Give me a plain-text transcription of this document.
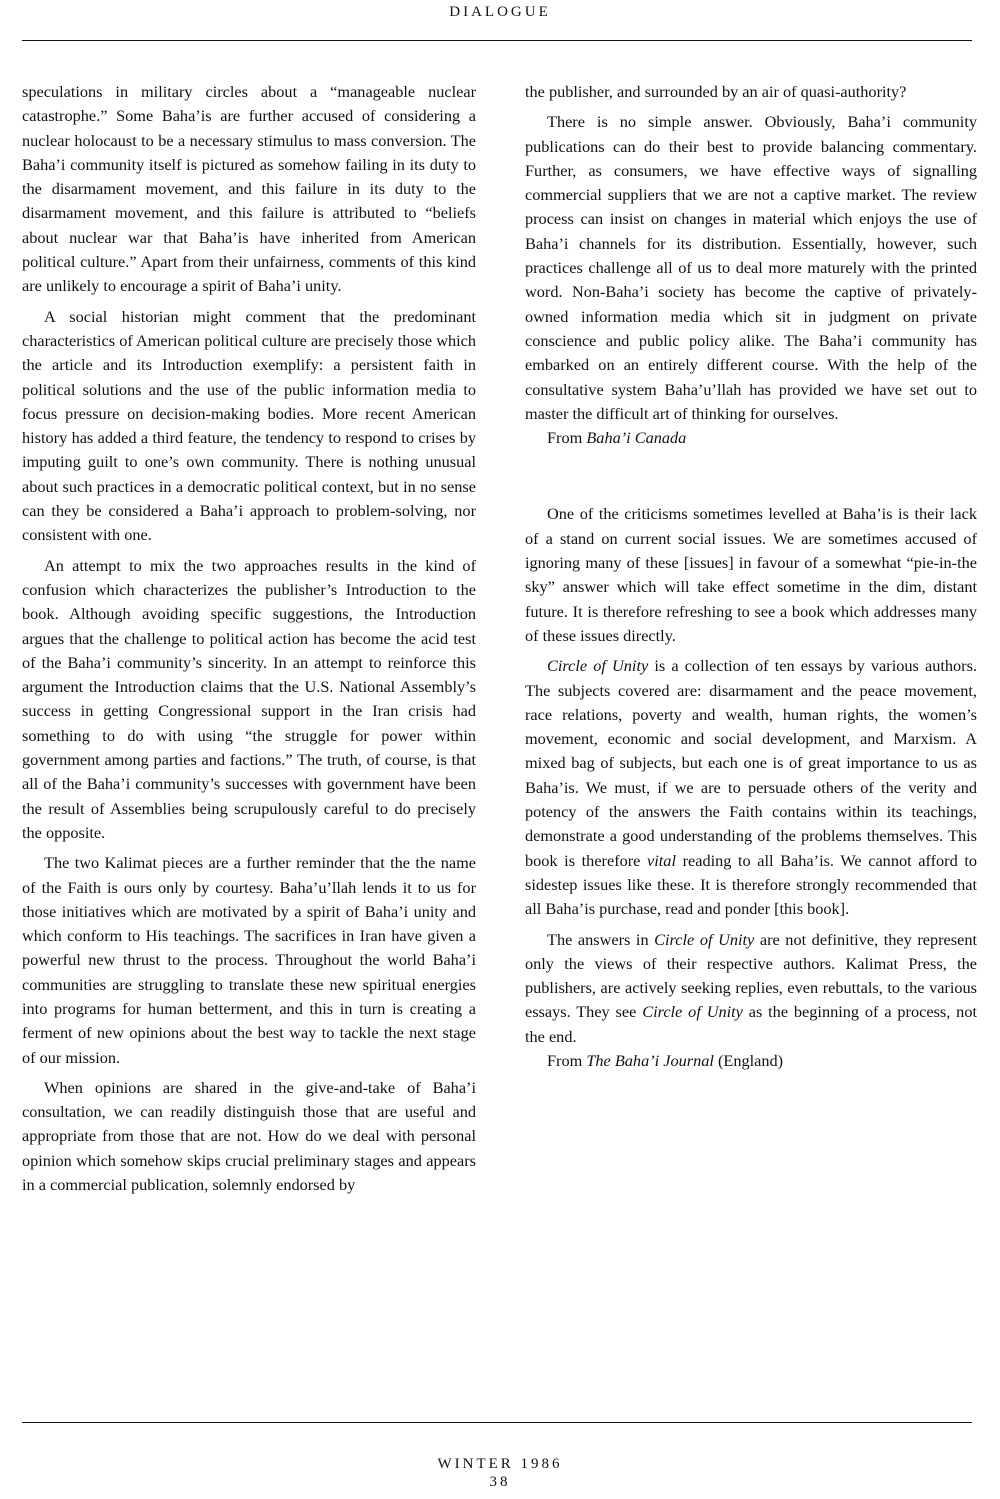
DIALOGUE

speculations in military circles about a “manageable nuclear catastrophe.” Some Baha’is are further accused of considering a nuclear holocaust to be a necessary stimulus to mass conversion. The Baha’i community itself is pictured as somehow failing in its duty to the disarmament movement, and this failure in its duty to the disarmament movement, and this failure is attributed to “beliefs about nuclear war that Baha’is have inherited from American political culture.” Apart from their unfairness, comments of this kind are unlikely to encourage a spirit of Baha’i unity.

A social historian might comment that the predominant characteristics of American political culture are precisely those which the article and its Introduction exemplify: a persistent faith in political solutions and the use of the public information media to focus pressure on decision-making bodies. More recent American history has added a third feature, the tendency to respond to crises by imputing guilt to one’s own community. There is nothing unusual about such practices in a democratic political context, but in no sense can they be considered a Baha’i approach to problem-solving, nor consistent with one.

An attempt to mix the two approaches results in the kind of confusion which characterizes the publisher’s Introduction to the book. Although avoiding specific suggestions, the Introduction argues that the challenge to political action has become the acid test of the Baha’i community’s sincerity. In an attempt to reinforce this argument the Introduction claims that the U.S. National Assembly’s success in getting Congressional support in the Iran crisis had something to do with using “the struggle for power within government among parties and factions.” The truth, of course, is that all of the Baha’i community’s successes with government have been the result of Assemblies being scrupulously careful to do precisely the opposite.

The two Kalimat pieces are a further reminder that the the name of the Faith is ours only by courtesy. Baha’u’llah lends it to us for those initiatives which are motivated by a spirit of Baha’i unity and which conform to His teachings. The sacrifices in Iran have given a powerful new thrust to the process. Throughout the world Baha’i communities are struggling to translate these new spiritual energies into programs for human betterment, and this in turn is creating a ferment of new opinions about the best way to tackle the next stage of our mission.

When opinions are shared in the give-and-take of Baha’i consultation, we can readily distinguish those that are useful and appropriate from those that are not. How do we deal with personal opinion which somehow skips crucial preliminary stages and appears in a commercial publication, solemnly endorsed by

the publisher, and surrounded by an air of quasi-authority?

There is no simple answer. Obviously, Baha’i community publications can do their best to provide balancing commentary. Further, as consumers, we have effective ways of signalling commercial suppliers that we are not a captive market. The review process can insist on changes in material which enjoys the use of Baha’i channels for its distribution. Essentially, however, such practices challenge all of us to deal more maturely with the printed word. Non-Baha’i society has become the captive of privately-owned information media which sit in judgment on private conscience and public policy alike. The Baha’i community has embarked on an entirely different course. With the help of the consultative system Baha’u’llah has provided we have set out to master the difficult art of thinking for ourselves.

From Baha’i Canada

One of the criticisms sometimes levelled at Baha’is is their lack of a stand on current social issues. We are sometimes accused of ignoring many of these [issues] in favour of a somewhat “pie-in-the sky” answer which will take effect sometime in the dim, distant future. It is therefore refreshing to see a book which addresses many of these issues directly.

Circle of Unity is a collection of ten essays by various authors. The subjects covered are: disarmament and the peace movement, race relations, poverty and wealth, human rights, the women’s movement, economic and social development, and Marxism. A mixed bag of subjects, but each one is of great importance to us as Baha’is. We must, if we are to persuade others of the verity and potency of the answers the Faith contains within its teachings, demonstrate a good understanding of the problems themselves. This book is therefore vital reading to all Baha’is. We cannot afford to sidestep issues like these. It is therefore strongly recommended that all Baha’is purchase, read and ponder [this book].

The answers in Circle of Unity are not definitive, they represent only the views of their respective authors. Kalimat Press, the publishers, are actively seeking replies, even rebuttals, to the various essays. They see Circle of Unity as the beginning of a process, not the end.

From The Baha’i Journal (England)

WINTER 1986
38
